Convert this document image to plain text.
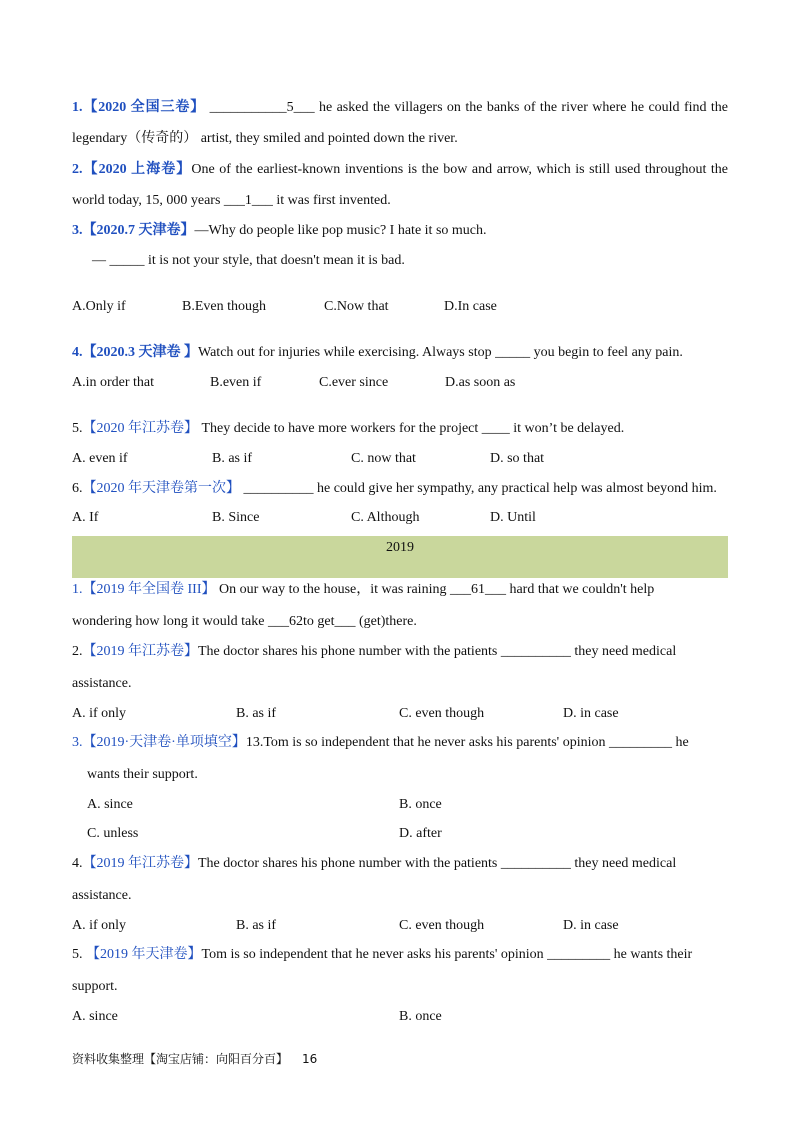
1.【2020 全国三卷】 ___________5___ he asked the villagers on the banks of the river where he could find the
legendary（传奇的） artist, they smiled and pointed down the river.
2.【2020 上海卷】One of the earliest-known inventions is the bow and arrow, which is still used throughout the
world today, 15, 000 years ___1___ it was first invented.
3.【2020.7 天津卷】—Why do people like pop music? I hate it so much.
— _____ it is not your style, that doesn't mean it is bad.
A.Only if	B.Even though	C.Now that	D.In case
4.【2020.3 天津卷 】Watch out for injuries while exercising. Always stop _____ you begin to feel any pain.
A.in order that	B.even if	C.ever since	D.as soon as
5.【2020 年江苏卷】 They decide to have more workers for the project ____ it won’t be delayed.
A. even if	B. as if	C. now that	D. so that
6.【2020 年天津卷第一次】 __________ he could give her sympathy, any practical help was almost beyond him.
A. If	B. Since	C. Although	D. Until
2019
1.【2019 年全国卷 III】 On our way to the house，it was raining ___61___ hard that we couldn't help
wondering how long it would take ___62to get___ (get)there.
2.【2019 年江苏卷】The doctor shares his phone number with the patients __________ they need medical
assistance.
A. if only	B. as if	C. even though	D. in case
3.【2019·天津卷·单项填空】13.Tom is so independent that he never asks his parents' opinion _________ he
wants their support.
A. since	B. once
C. unless	D. after
4.【2019 年江苏卷】The doctor shares his phone number with the patients __________ they need medical
assistance.
A. if only	B. as if	C. even though	D. in case
5. 【2019 年天津卷】Tom is so independent that he never asks his parents' opinion _________ he wants their
support.
A. since	B. once
资料收集整理【淘宝店铺：向阳百分百】 16
